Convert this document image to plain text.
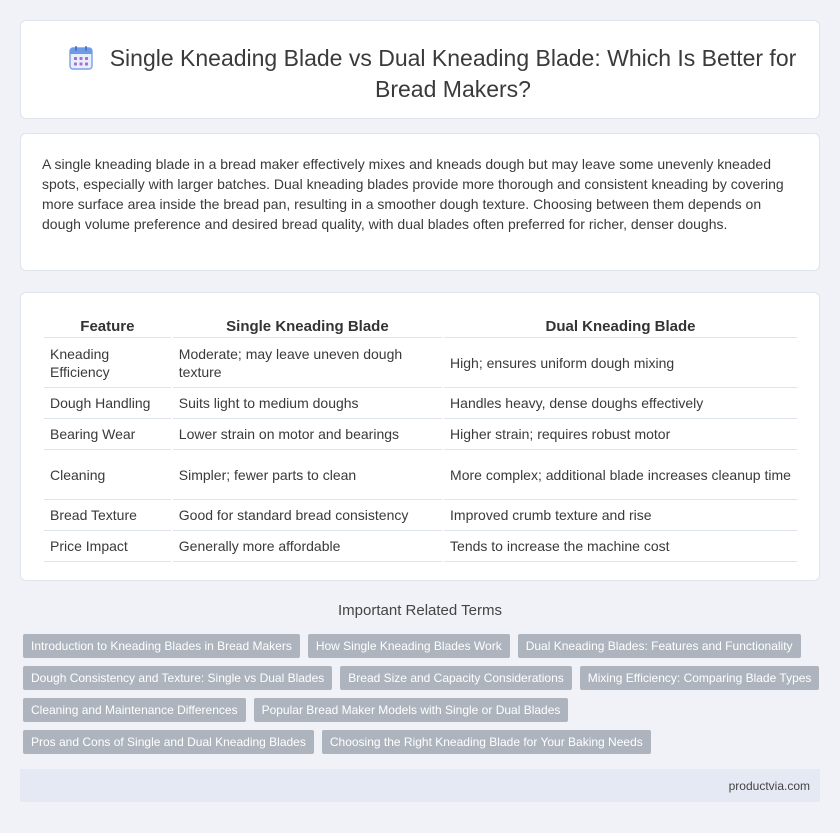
Single Kneading Blade vs Dual Kneading Blade: Which Is Better for Bread Makers?

A single kneading blade in a bread maker effectively mixes and kneads dough but may leave some unevenly kneaded spots, especially with larger batches. Dual kneading blades provide more thorough and consistent kneading by covering more surface area inside the bread pan, resulting in a smoother dough texture. Choosing between them depends on dough volume preference and desired bread quality, with dual blades often preferred for richer, denser doughs.

Feature	Single Kneading Blade	Dual Kneading Blade
Kneading Efficiency	Moderate; may leave uneven dough texture	High; ensures uniform dough mixing
Dough Handling	Suits light to medium doughs	Handles heavy, dense doughs effectively
Bearing Wear	Lower strain on motor and bearings	Higher strain; requires robust motor
Cleaning	Simpler; fewer parts to clean	More complex; additional blade increases cleanup time
Bread Texture	Good for standard bread consistency	Improved crumb texture and rise
Price Impact	Generally more affordable	Tends to increase the machine cost
Important Related Terms
Introduction to Kneading Blades in Bread Makers	How Single Kneading Blades Work	Dual Kneading Blades: Features and Functionality
Dough Consistency and Texture: Single vs Dual Blades	Bread Size and Capacity Considerations	Mixing Efficiency: Comparing Blade Types
Cleaning and Maintenance Differences	Popular Bread Maker Models with Single or Dual Blades
Pros and Cons of Single and Dual Kneading Blades	Choosing the Right Kneading Blade for Your Baking Needs
productvia.com
